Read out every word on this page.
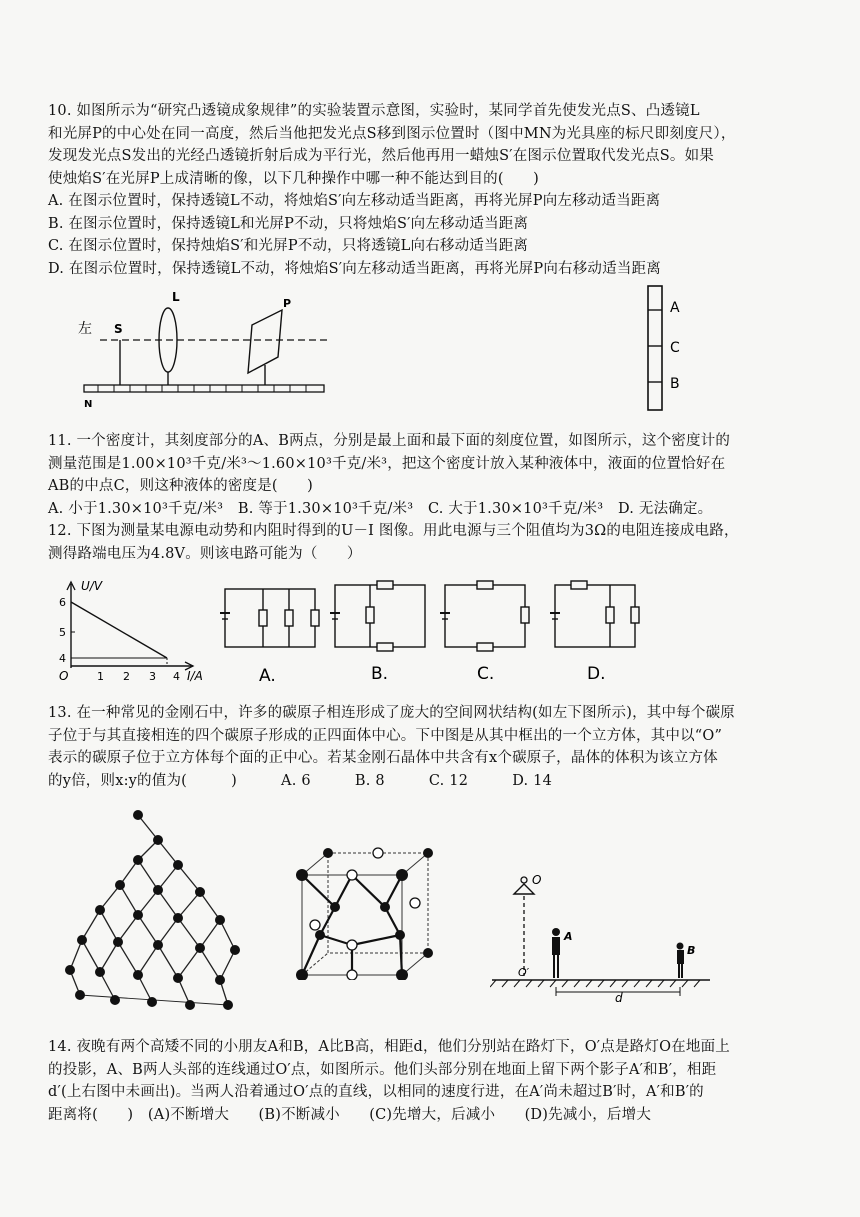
10. 如图所示为“研究凸透镜成象规律”的实验装置示意图，实验时，某同学首先使发光点S、凸透镜L
和光屏P的中心处在同一高度，然后当他把发光点S移到图示位置时（图中MN为光具座的标尺即刻度尺），
发现发光点S发出的光经凸透镜折射后成为平行光，然后他再用一蜡烛S′在图示位置取代发光点S。如果
使烛焰S′在光屏P上成清晰的像，以下几种操作中哪一种不能达到目的(　　)
A. 在图示位置时，保持透镜L不动，将烛焰S′向左移动适当距离，再将光屏P向左移动适当距离
B. 在图示位置时，保持透镜L和光屏P不动，只将烛焰S′向左移动适当距离
C. 在图示位置时，保持烛焰S′和光屏P不动，只将透镜L向右移动适当距离
D. 在图示位置时，保持透镜L不动，将烛焰S′向左移动适当距离，再将光屏P向右移动适当距离
左 S
L	P
N
A
C
B
11. 一个密度计，其刻度部分的A、B两点，分别是最上面和最下面的刻度位置，如图所示，这个密度计的
测量范围是1.00×10³千克/米³～1.60×10³千克/米³，把这个密度计放入某种液体中，液面的位置恰好在
AB的中点C，则这种液体的密度是(　　)
A. 小于1.30×10³千克/米³　B. 等于1.30×10³千克/米³　C. 大于1.30×10³千克/米³　D. 无法确定。
12. 下图为测量某电源电动势和内阻时得到的U－I 图像。用此电源与三个阻值均为3Ω的电阻连接成电路，
测得路端电压为4.8V。则该电路可能为（　　）
U/V
I/A
O
6
5
4
1 2 3 4	A.	B.	C.	D.
13. 在一种常见的金刚石中，许多的碳原子相连形成了庞大的空间网状结构(如左下图所示)，其中每个碳原
子位于与其直接相连的四个碳原子形成的正四面体中心。下中图是从其中框出的一个立方体，其中以“O”
表示的碳原子位于立方体每个面的正中心。若某金刚石晶体中共含有x个碳原子，晶体的体积为该立方体
的y倍，则x:y的值为(　　　)　　　A. 6　　　B. 8　　　C. 12　　　D. 14
O
O′
A
B
d
14. 夜晚有两个高矮不同的小朋友A和B，A比B高，相距d，他们分别站在路灯下，O′点是路灯O在地面上
的投影，A、B两人头部的连线通过O′点，如图所示。他们头部分别在地面上留下两个影子A′和B′，相距
d′(上右图中未画出)。当两人沿着通过O′点的直线，以相同的速度行进，在A′尚未超过B′时，A′和B′的
距离将(　　)　(A)不断增大　　(B)不断减小　　(C)先增大，后减小　　(D)先减小，后增大
